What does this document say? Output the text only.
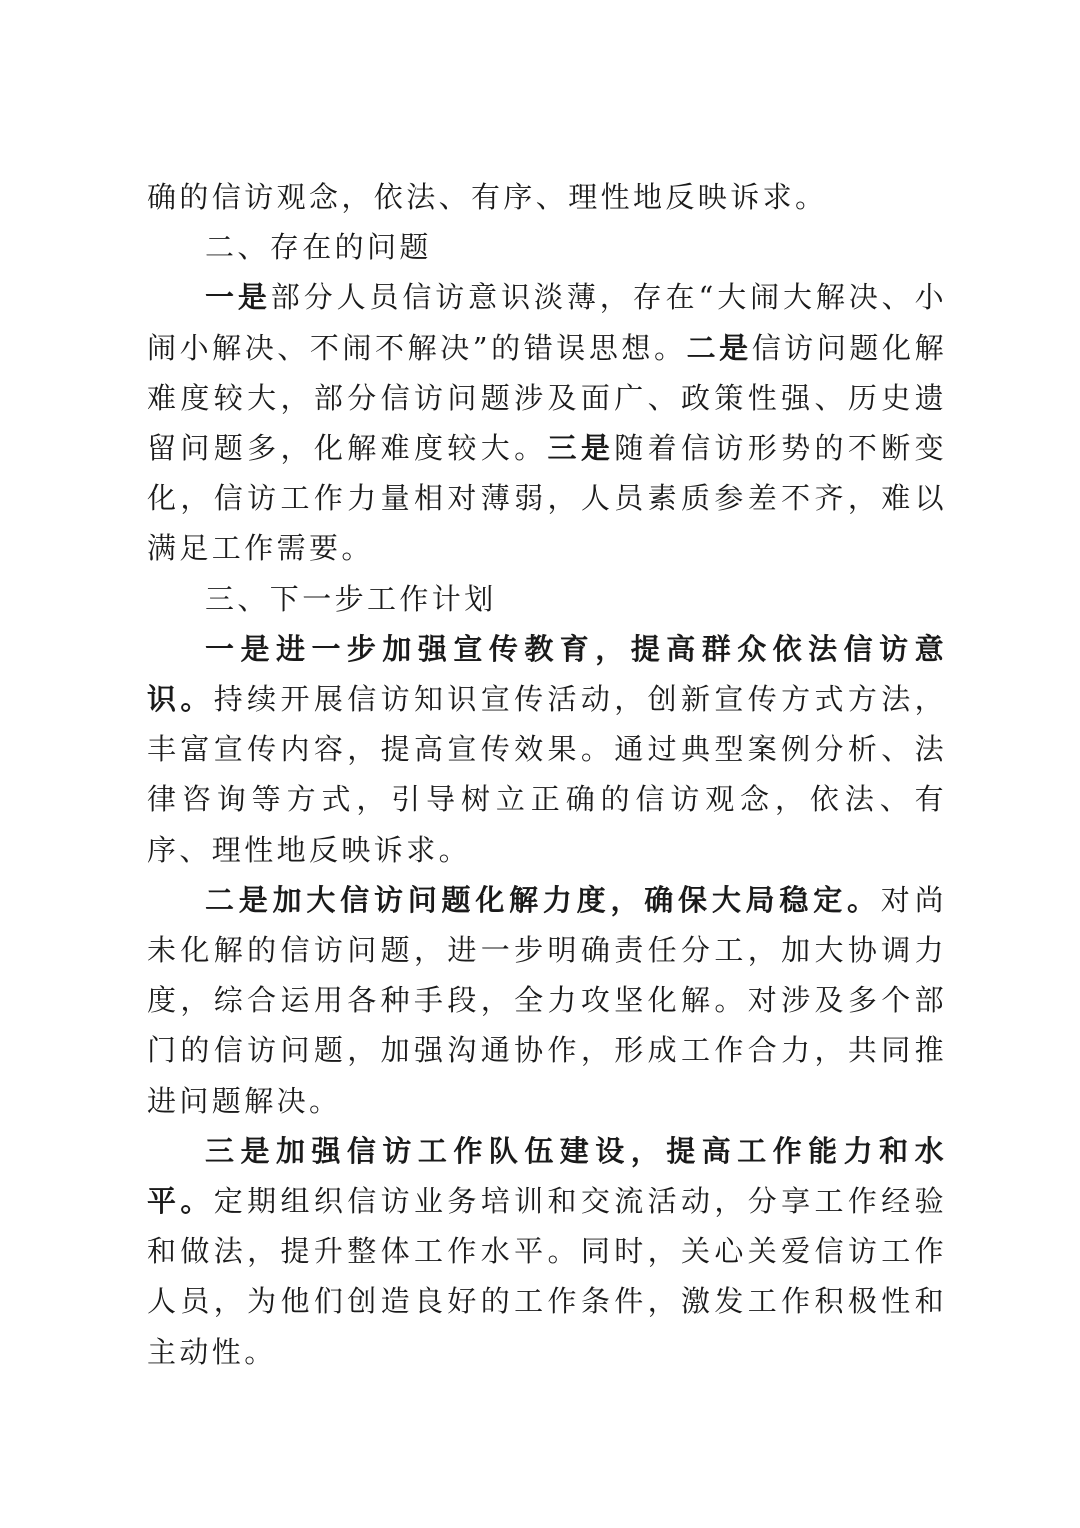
确的信访观念，依法、有序、理性地反映诉求。

二、存在的问题

一是部分人员信访意识淡薄，存在“大闹大解决、小闹小解决、不闹不解决”的错误思想。二是信访问题化解难度较大，部分信访问题涉及面广、政策性强、历史遗留问题多，化解难度较大。三是随着信访形势的不断变化，信访工作力量相对薄弱，人员素质参差不齐，难以满足工作需要。

三、下一步工作计划

一是进一步加强宣传教育，提高群众依法信访意识。持续开展信访知识宣传活动，创新宣传方式方法，丰富宣传内容，提高宣传效果。通过典型案例分析、法律咨询等方式，引导树立正确的信访观念，依法、有序、理性地反映诉求。

二是加大信访问题化解力度，确保大局稳定。对尚未化解的信访问题，进一步明确责任分工，加大协调力度，综合运用各种手段，全力攻坚化解。对涉及多个部门的信访问题，加强沟通协作，形成工作合力，共同推进问题解决。

三是加强信访工作队伍建设，提高工作能力和水平。定期组织信访业务培训和交流活动，分享工作经验和做法，提升整体工作水平。同时，关心关爱信访工作人员，为他们创造良好的工作条件，激发工作积极性和主动性。
